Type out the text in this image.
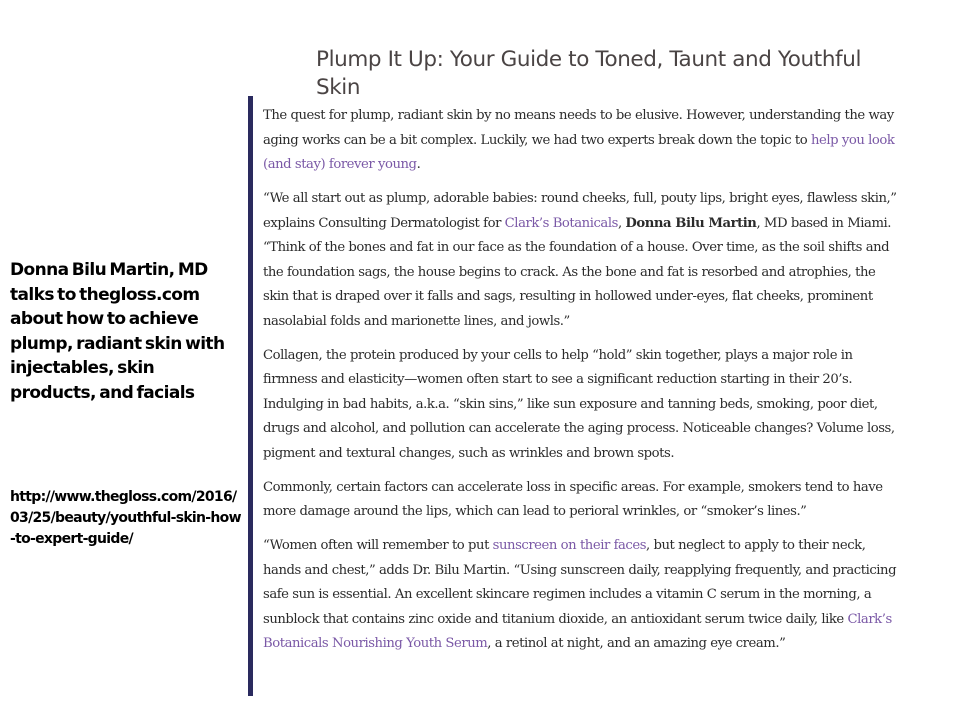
Donna Bilu Martin, MD talks to thegloss.com about how to achieve plump, radiant skin with injectables, skin products, and facials
http://www.thegloss.com/2016/03/25/beauty/youthful-skin-how-to-expert-guide/
Plump It Up: Your Guide to Toned, Taunt and Youthful Skin

The quest for plump, radiant skin by no means needs to be elusive. However, understanding the way aging works can be a bit complex. Luckily, we had two experts break down the topic to help you look (and stay) forever young.

“We all start out as plump, adorable babies: round cheeks, full, pouty lips, bright eyes, flawless skin,” explains Consulting Dermatologist for Clark’s Botanicals, Donna Bilu Martin, MD based in Miami. “Think of the bones and fat in our face as the foundation of a house. Over time, as the soil shifts and the foundation sags, the house begins to crack. As the bone and fat is resorbed and atrophies, the skin that is draped over it falls and sags, resulting in hollowed under-eyes, flat cheeks, prominent nasolabial folds and marionette lines, and jowls.”

Collagen, the protein produced by your cells to help “hold” skin together, plays a major role in firmness and elasticity—women often start to see a significant reduction starting in their 20’s. Indulging in bad habits, a.k.a. “skin sins,” like sun exposure and tanning beds, smoking, poor diet, drugs and alcohol, and pollution can accelerate the aging process. Noticeable changes? Volume loss, pigment and textural changes, such as wrinkles and brown spots.

Commonly, certain factors can accelerate loss in specific areas. For example, smokers tend to have more damage around the lips, which can lead to perioral wrinkles, or “smoker’s lines.”

“Women often will remember to put sunscreen on their faces, but neglect to apply to their neck, hands and chest,” adds Dr. Bilu Martin. “Using sunscreen daily, reapplying frequently, and practicing safe sun is essential. An excellent skincare regimen includes a vitamin C serum in the morning, a sunblock that contains zinc oxide and titanium dioxide, an antioxidant serum twice daily, like Clark’s Botanicals Nourishing Youth Serum, a retinol at night, and an amazing eye cream.”
